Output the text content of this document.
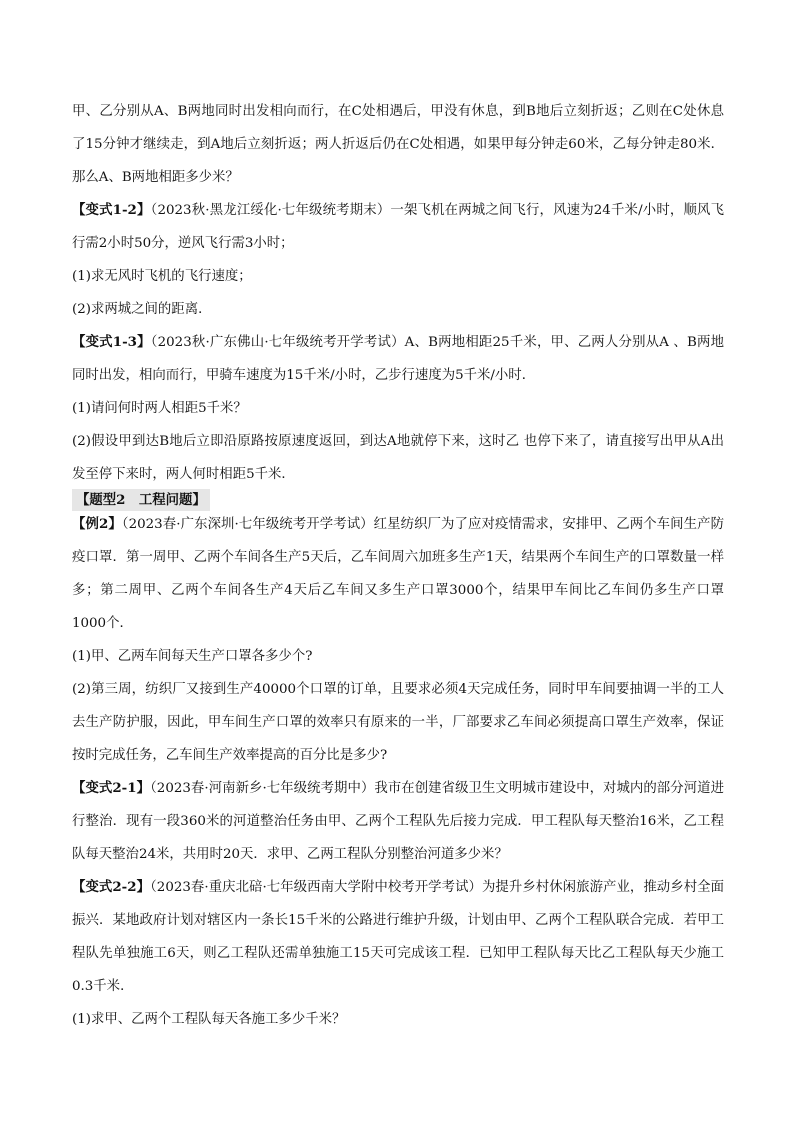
甲、乙分别从A、B两地同时出发相向而行，在C处相遇后，甲没有休息，到B地后立刻折返；乙则在C处休息了15分钟才继续走，到A地后立刻折返；两人折返后仍在C处相遇，如果甲每分钟走60米，乙每分钟走80米．那么A、B两地相距多少米？

【变式1-2】（2023秋·黑龙江绥化·七年级统考期末）一架飞机在两城之间飞行，风速为24千米/小时，顺风飞行需2小时50分，逆风飞行需3小时；

(1)求无风时飞机的飞行速度；

(2)求两城之间的距离．

【变式1-3】（2023秋·广东佛山·七年级统考开学考试）A、B两地相距25千米，甲、乙两人分别从A 、B两地同时出发，相向而行，甲骑车速度为15千米/小时，乙步行速度为5千米/小时．

(1)请问何时两人相距5千米？

(2)假设甲到达B地后立即沿原路按原速度返回，到达A地就停下来，这时乙 也停下来了，请直接写出甲从A出发至停下来时，两人何时相距5千米．

【题型2　工程问题】

【例2】（2023春·广东深圳·七年级统考开学考试）红星纺织厂为了应对疫情需求，安排甲、乙两个车间生产防疫口罩．第一周甲、乙两个车间各生产5天后，乙车间周六加班多生产1天，结果两个车间生产的口罩数量一样多；第二周甲、乙两个车间各生产4天后乙车间又多生产口罩3000个，结果甲车间比乙车间仍多生产口罩1000个．

(1)甲、乙两车间每天生产口罩各多少个?

(2)第三周，纺织厂又接到生产40000个口罩的订单，且要求必须4天完成任务，同时甲车间要抽调一半的工人去生产防护服，因此，甲车间生产口罩的效率只有原来的一半，厂部要求乙车间必须提高口罩生产效率，保证按时完成任务，乙车间生产效率提高的百分比是多少?

【变式2-1】（2023春·河南新乡·七年级统考期中）我市在创建省级卫生文明城市建设中，对城内的部分河道进行整治．现有一段360米的河道整治任务由甲、乙两个工程队先后接力完成．甲工程队每天整治16米，乙工程队每天整治24米，共用时20天．求甲、乙两工程队分别整治河道多少米？

【变式2-2】（2023春·重庆北碚·七年级西南大学附中校考开学考试）为提升乡村休闲旅游产业，推动乡村全面振兴．某地政府计划对辖区内一条长15千米的公路进行维护升级，计划由甲、乙两个工程队联合完成．若甲工程队先单独施工6天，则乙工程队还需单独施工15天可完成该工程．已知甲工程队每天比乙工程队每天少施工0.3千米．

(1)求甲、乙两个工程队每天各施工多少千米？
